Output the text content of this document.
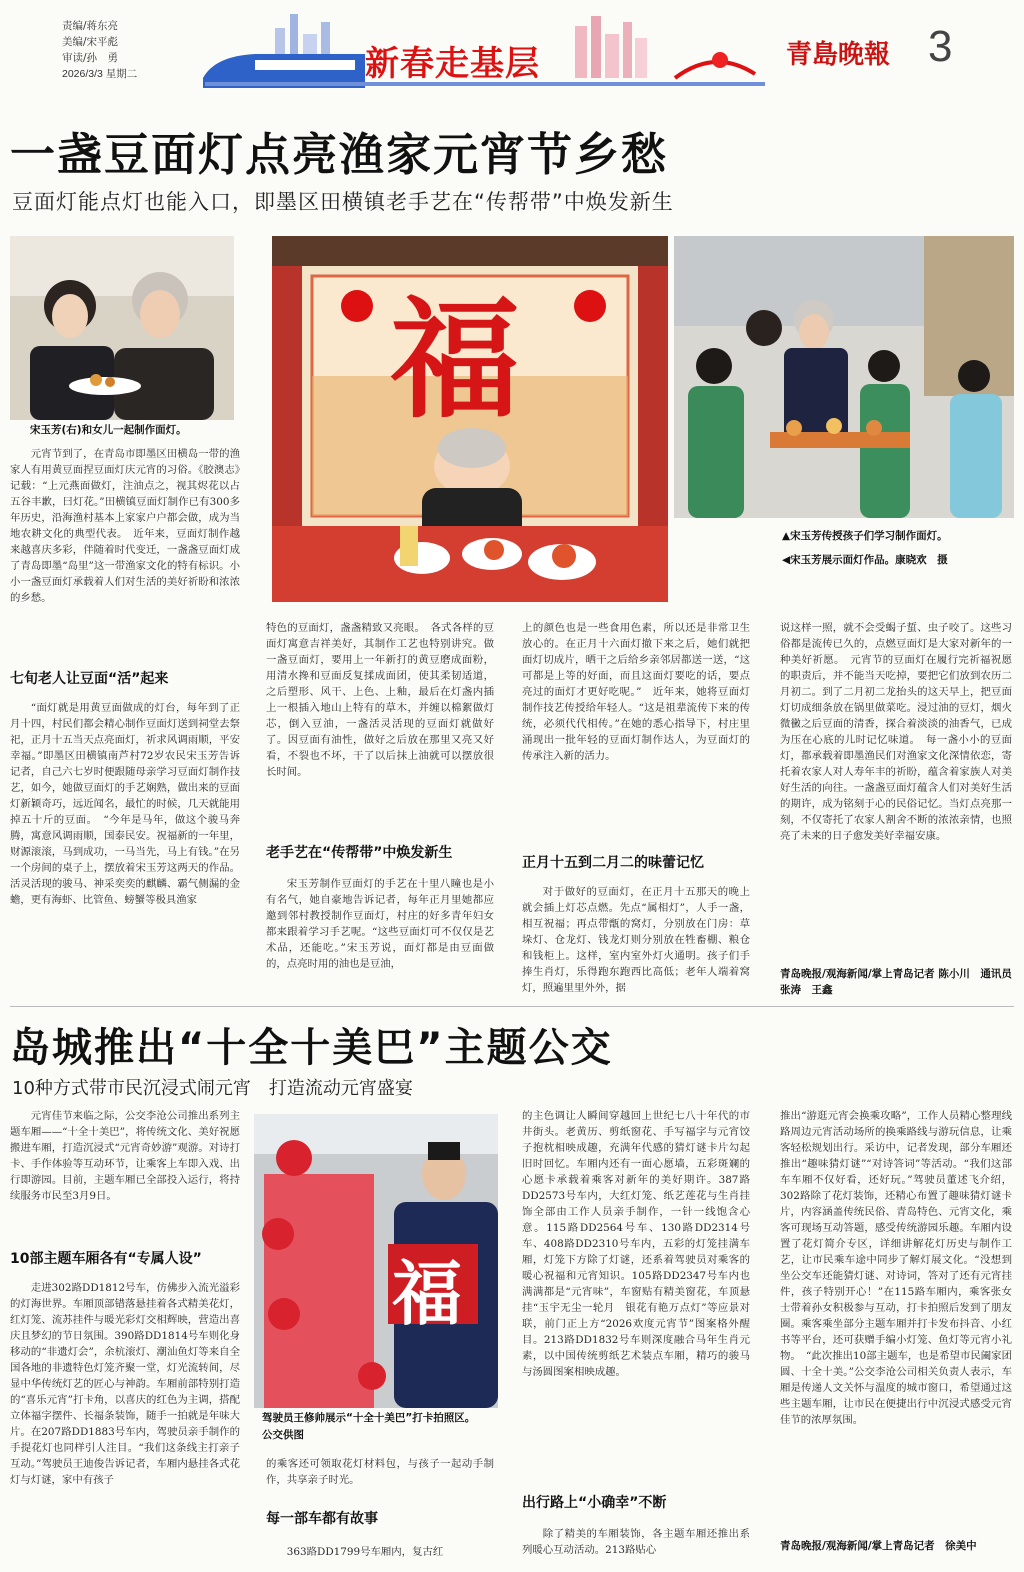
责编/蒋东亮
美编/宋平彪
审读/孙　勇
2026/3/3 星期二	新春走基层	青島晚報 3
一盏豆面灯点亮渔家元宵节乡愁
豆面灯能点灯也能入口，即墨区田横镇老手艺在“传帮带”中焕发新生
宋玉芳(右)和女儿一起制作面灯。 福
▲宋玉芳传授孩子们学习制作面灯。
◀宋玉芳展示面灯作品。康晓欢　摄

元宵节到了，在青岛市即墨区田横岛一带的渔家人有用黄豆面捏豆面灯庆元宵的习俗。《胶澳志》记载：“上元燕面做灯，注油点之，视其烬花以占五谷丰歉，曰灯花。”田横镇豆面灯制作已有300多年历史，沿海渔村基本上家家户户都会做，成为当地农耕文化的典型代表。　近年来，豆面灯制作越来越喜庆多彩，伴随着时代变迁，一盏盏豆面灯成了青岛即墨“岛里”这一带渔家文化的特有标识。小小一盏豆面灯承载着人们对生活的美好祈盼和浓浓的乡愁。

七旬老人让豆面“活”起来

“面灯就是用黄豆面做成的灯台，每年到了正月十四，村民们都会精心制作豆面灯送到祠堂去祭祀，正月十五当天点亮面灯，祈求风调雨顺，平安幸福。”即墨区田横镇南芦村72岁农民宋玉芳告诉记者，自己六七岁时便跟随母亲学习豆面灯制作技艺，如今，她做豆面灯的手艺娴熟，做出来的豆面灯新颖奇巧，远近闻名，最忙的时候，几天就能用掉五十斤的豆面。　“今年是马年，做这个骏马奔腾，寓意风调雨顺，国泰民安。祝福新的一年里，财源滚滚，马到成功，一马当先，马上有钱。”在另一个房间的桌子上，摆放着宋玉芳这两天的作品。活灵活现的骏马、神采奕奕的麒麟、霸气侧漏的金蟾，更有海虾、比管鱼、螃蟹等极具渔家

特色的豆面灯，盏盏精致又亮眼。　各式各样的豆面灯寓意吉祥美好，其制作工艺也特别讲究。做一盏豆面灯，要用上一年新打的黄豆磨成面粉，用清水搀和豆面反复揉成面团，使其柔韧适道，之后塑形、风干、上色、上釉，最后在灯盏内插上一根插入地山上特有的草木，并缠以棉絮做灯芯，倒入豆油，一盏活灵活现的豆面灯就做好了。因豆面有油性，做好之后放在那里又亮又好看，不裂也不坏，干了以后抹上油就可以摆放很长时间。

老手艺在“传帮带”中焕发新生

宋玉芳制作豆面灯的手艺在十里八瞳也是小有名气，她自豪地告诉记者，每年正月里她都应邀到邻村教授制作豆面灯，村庄的好多青年妇女都来跟着学习手艺呢。“这些豆面灯可不仅仅是艺术品，还能吃。”宋玉芳说，面灯都是由豆面做的，点亮时用的油也是豆油，

上的颜色也是一些食用色素，所以还是非常卫生放心的。在正月十六面灯撤下来之后，她们就把面灯切成片，晒干之后给乡亲邻居都送一送，“这可都是上等的好面，而且这面灯要吃的话，要点亮过的面灯才更好吃呢。”　近年来，她将豆面灯制作技艺传授给年轻人。“这是祖辈流传下来的传统，必须代代相传。”在她的悉心指导下，村庄里涌现出一批年轻的豆面灯制作达人，为豆面灯的传承注入新的活力。

正月十五到二月二的味蕾记忆

对于做好的豆面灯，在正月十五那天的晚上就会插上灯芯点燃。先点“属相灯”，人手一盏，相互祝福；再点带甑的窝灯，分别放在门房：草垛灯、仓龙灯、钱龙灯则分别放在牲畜棚、粮仓和钱柜上。这样，室内室外灯火通明。孩子们手捧生肖灯，乐得跑东跑西比高低；老年人端着窝灯，照遍里里外外，据

说这样一照，就不会受蝎子蜇、虫子咬了。这些习俗都是流传已久的，点燃豆面灯是大家对新年的一种美好祈愿。　元宵节的豆面灯在履行完祈福祝愿的职责后，并不能当天吃掉，要把它们放到农历二月初二。到了二月初二龙抬头的这天早上，把豆面灯切成细条放在锅里做菜吃。浸过油的豆灯，烟火微黴之后豆面的清香，探合着淡淡的油香气，已成为压在心底的儿时记忆味道。　每一盏小小的豆面灯，都承载着即墨渔民们对渔家文化深情依恋，寄托着农家人对人寿年丰的祈盼，蕴含着家族人对美好生活的向往。一盏盏豆面灯蕴含人们对美好生活的期许，成为铭刻于心的民俗记忆。当灯点亮那一刻，不仅寄托了农家人割舍不断的浓浓亲情，也照亮了未来的日子愈发美好幸福安康。

青岛晚报/观海新闻/掌上青岛记者 陈小川　通讯员 张涛　王鑫
岛城推出“十全十美巴”主题公交
10种方式带市民沉浸式闹元宵　打造流动元宵盛宴

元宵佳节来临之际，公交李沧公司推出系列主题车厢——“十全十美巴”，将传统文化、美好祝愿搬进车厢，打造沉浸式“元宵奇妙游”观游。对诗打卡、手作体验等互动环节，让乘客上车即入戏、出行即游园。目前，主题车厢已全部投入运行，将持续服务市民至3月9日。

10部主题车厢各有“专属人设”

走进302路DD1812号车，仿佛步入流光溢彩的灯海世界。车厢顶部错落悬挂着各式精美花灯，红灯笼、流苏挂件与暖光彩灯交相辉映，营造出喜庆且梦幻的节日氛围。390路DD1814号车则化身移动的“非遗灯会”，余杭滚灯、潮汕鱼灯等来自全国各地的非遗特色灯笼齐聚一堂，灯光流转间，尽显中华传统灯艺的匠心与神韵。车厢前部特别打造的“喜乐元宵”打卡角，以喜庆的红色为主调，搭配立体福字摆件、长福条装饰，随手一拍就是年味大片。在207路DD1883号车内，驾驶员亲手制作的手提花灯也同样引人注目。“我们这条线主打亲子互动。”驾驶员王迪俊告诉记者，车厢内悬挂各式花灯与灯谜，家中有孩子

福
驾驶员王修帅展示“十全十美巴”打卡拍照区。　　　　公交供图

的乘客还可领取花灯材料包，与孩子一起动手制作，共享亲子时光。

每一部车都有故事

363路DD1799号车厢内，复古红

的主色调让人瞬间穿越回上世纪七八十年代的市井街头。老黄历、剪纸窗花、手写福字与元宵饺子抱枕相映成趣，充满年代感的猜灯谜卡片勾起旧时回忆。车厢内还有一面心愿墙，五彩斑斓的心愿卡承载着乘客对新年的美好期许。387路DD2573号车内，大红灯笼、纸艺莲花与生肖挂饰全部由工作人员亲手制作，一针一线饱含心意。115路DD2564号车、130路DD2314号车、408路DD2310号车内，五彩的灯笼挂满车厢，灯笼下方除了灯谜，还系着驾驶员对乘客的暖心祝福和元宵知识。105路DD2347号车内也满满都是“元宵味”，车窗贴有精美窗花，车顶悬挂“玉宇无尘一轮月　银花有艳万点灯”等应景对联，前门正上方“2026欢度元宵节”图案格外醒目。213路DD1832号车则深度融合马年生肖元素，以中国传统剪纸艺术装点车厢，精巧的骏马与汤圆图案相映成趣。

出行路上“小确幸”不断

除了精美的车厢装饰，各主题车厢还推出系列暖心互动活动。213路贴心

推出“游逛元宵会换乘攻略”，工作人员精心整理线路周边元宵活动场所的换乘路线与游玩信息，让乘客轻松规划出行。采访中，记者发现，部分车厢还推出“趣味猜灯谜”“对诗答词”等活动。“我们这部车车厢不仅好看，还好玩。”驾驶员董述飞介绍，302路除了花灯装饰，还精心布置了趣味猜灯谜卡片，内容涵盖传统民俗、青岛特色、元宵文化，乘客可现场互动答题，感受传统游园乐趣。车厢内设置了花灯简介专区，详细讲解花灯历史与制作工艺，让市民乘车途中同步了解灯展文化。“没想到坐公交车还能猜灯谜、对诗词，答对了还有元宵挂件，孩子特别开心！”在115路车厢内，乘客张女士带着孙女积极参与互动，打卡拍照后发到了朋友圈。乘客乘坐部分主题车厢并打卡发布抖音、小红书等平台，还可获赠手编小灯笼、鱼灯等元宵小礼物。　“此次推出10部主题车，也是希望市民阖家团圆、十全十美。”公交李沧公司相关负责人表示，车厢是传递人文关怀与温度的城市窗口，希望通过这些主题车厢，让市民在便捷出行中沉浸式感受元宵佳节的浓厚氛围。

青岛晚报/观海新闻/掌上青岛记者　徐美中
